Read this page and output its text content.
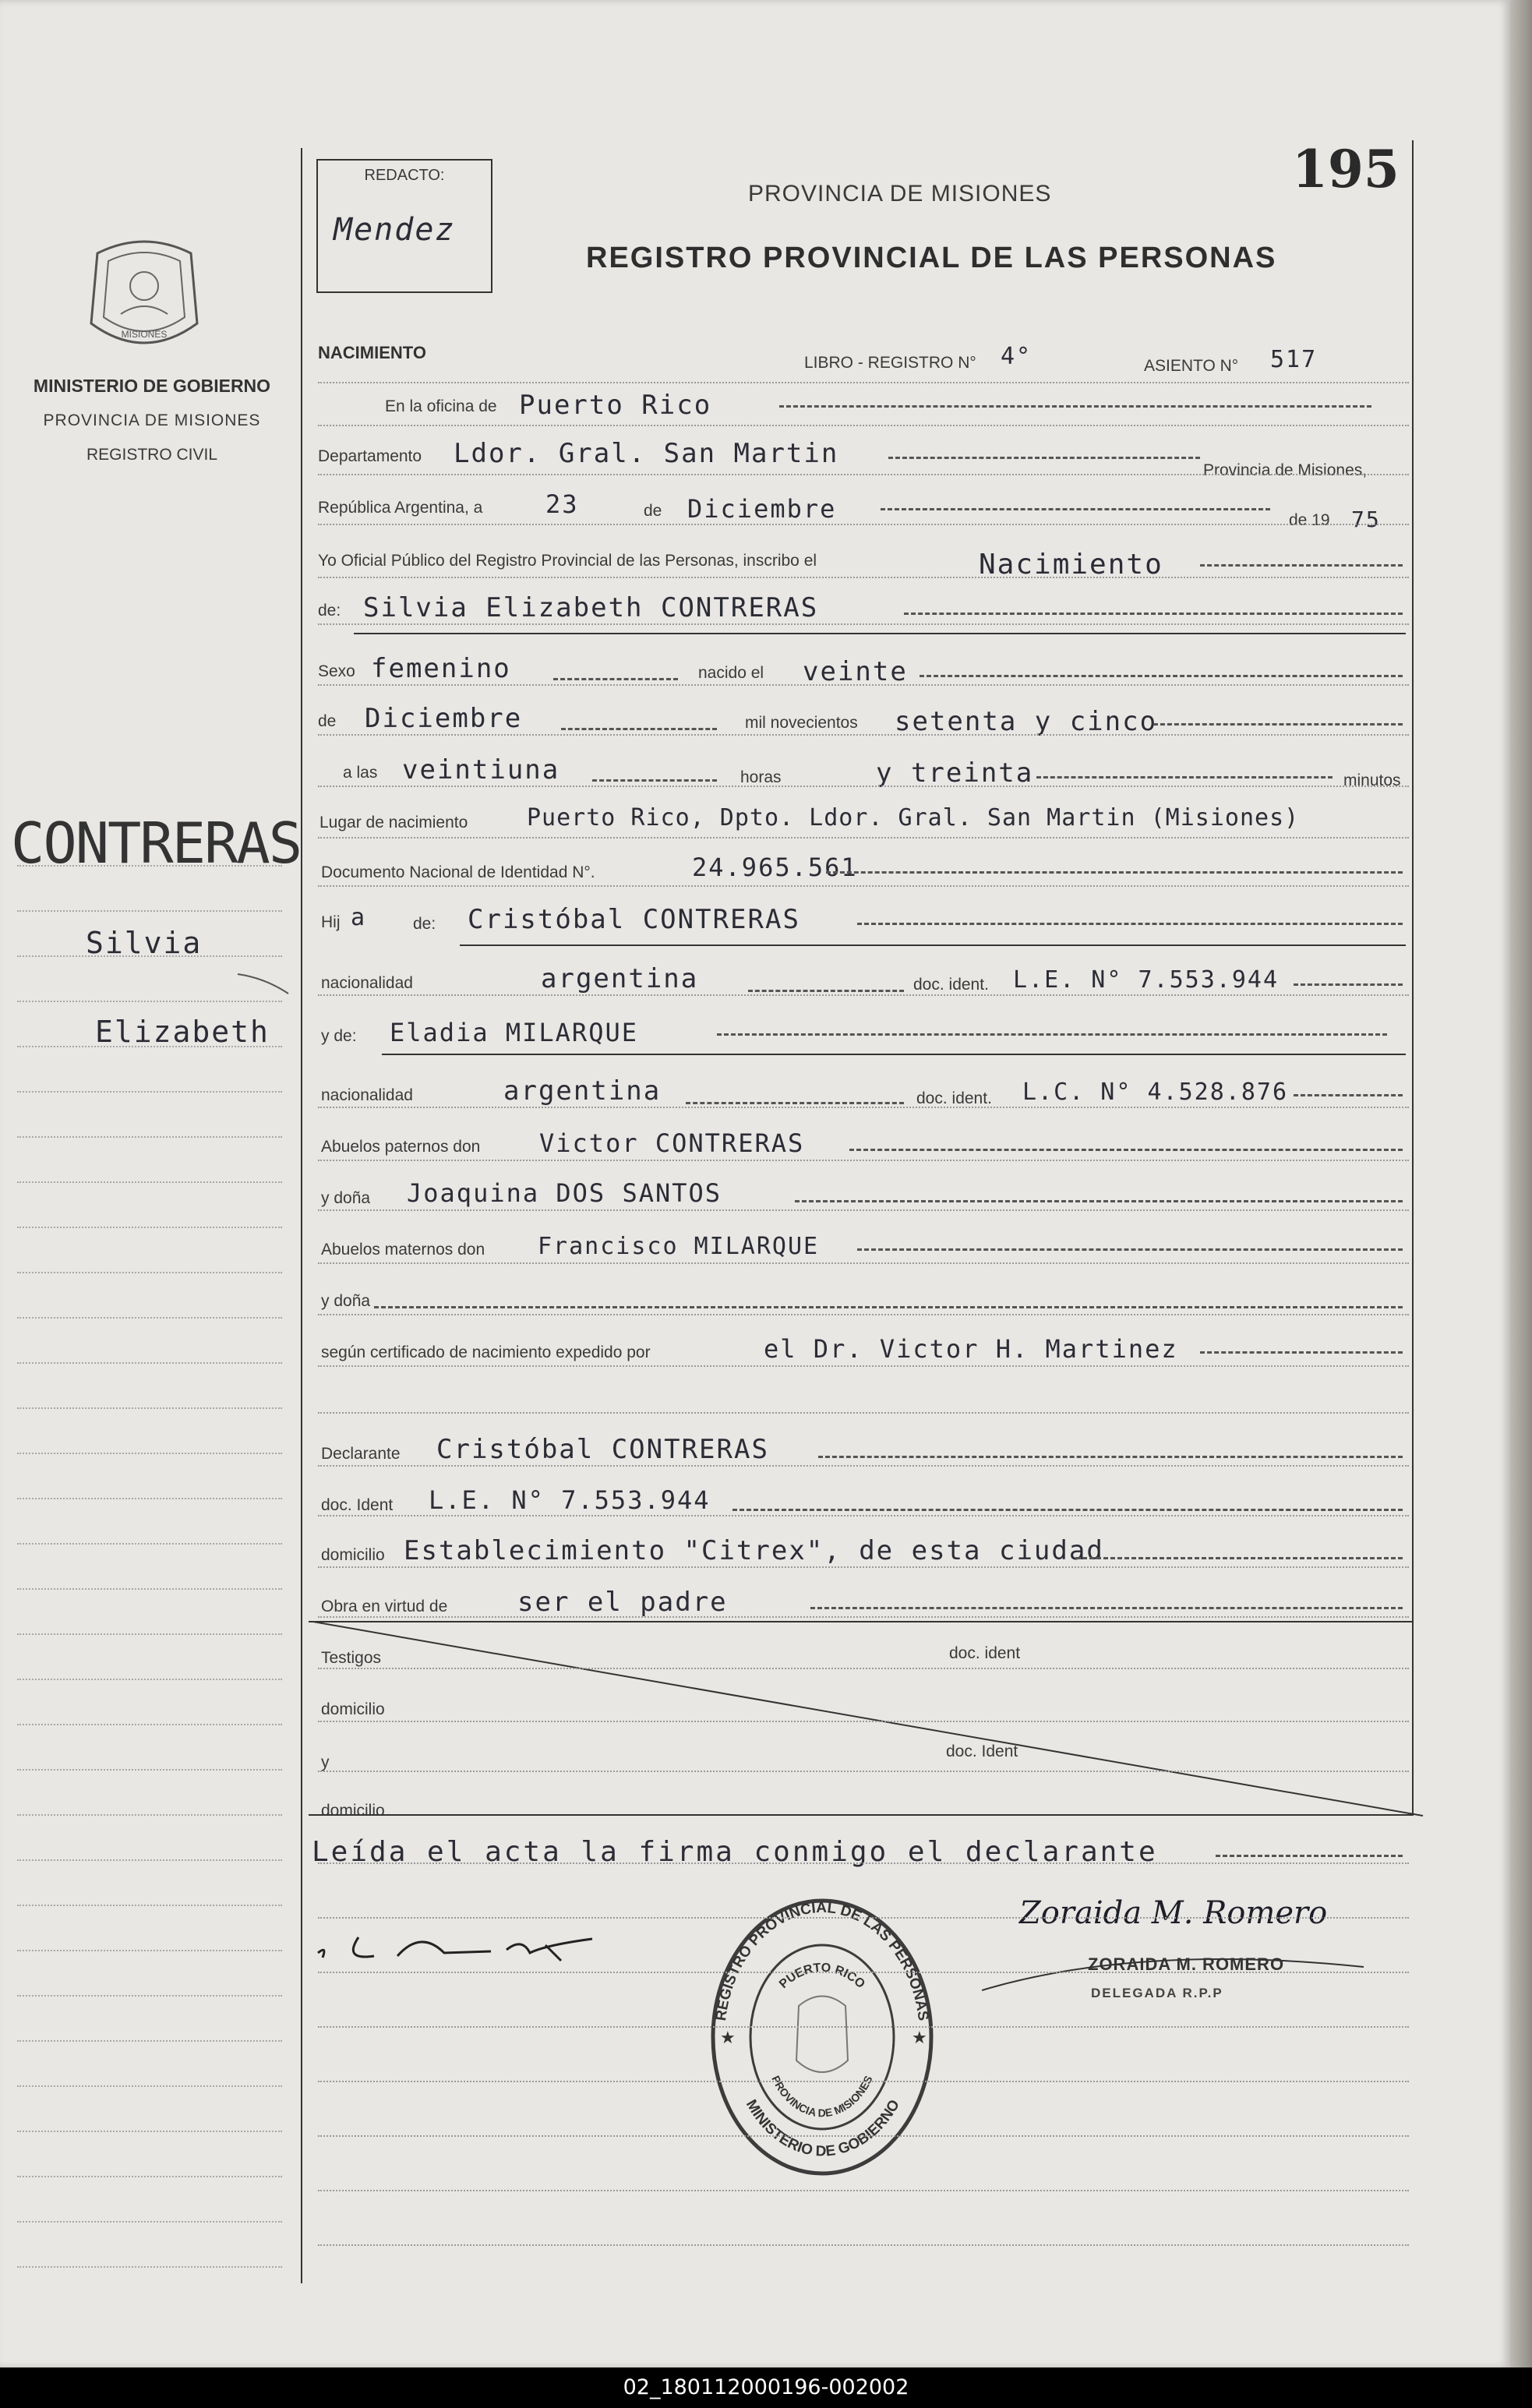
02_180112000196-002002
MISIONES
MINISTERIO DE GOBIERNO
PROVINCIA DE MISIONES
REGISTRO CIVIL
CONTRERAS
Silvia
Elizabeth
REDACTO:
Mendez
PROVINCIA DE MISIONES
REGISTRO PROVINCIAL DE LAS PERSONAS
195
NACIMIENTO
LIBRO - REGISTRO N° 4°	ASIENTO N° 517
En la oficina de Puerto Rico
Departamento Ldor. Gral. San Martin
Provincia de Misiones,
República Argentina, a	23	de Diciembre	de 19 75
Yo Oficial Público del Registro Provincial de las Personas, inscribo el	Nacimiento
de: Silvia Elizabeth CONTRERAS
Sexo femenino	nacido el veinte
de Diciembre	mil novecientos setenta y cinco
a las veintiuna	horas	y treinta	minutos
Lugar de nacimiento	Puerto Rico, Dpto. Ldor. Gral. San Martin (Misiones)
Documento Nacional de Identidad N°.	24.965.561
Hij a	de: Cristóbal CONTRERAS
nacionalidad	argentina	doc. ident. L.E. N° 7.553.944
y de: Eladia MILARQUE
nacionalidad	argentina	doc. ident. L.C. N° 4.528.876
Abuelos paternos don Victor CONTRERAS
y doña Joaquina DOS SANTOS
Abuelos maternos don Francisco MILARQUE
y doña
según certificado de nacimiento expedido por	el Dr. Victor H. Martinez
Declarante Cristóbal CONTRERAS
doc. Ident L.E. N° 7.553.944
domicilio Establecimiento "Citrex", de esta ciudad
Obra en virtud de	ser el padre
Testigos	doc. ident
domicilio
y
doc. Ident
domicilio
Leída el acta la firma conmigo el declarante
Zoraida M. Romero
ZORAIDA M. ROMERO
DELEGADA R.P.P
REGISTRO PROVINCIAL DE LAS PERSONAS
MINISTERIO DE GOBIERNO
PUERTO RICO
PROVINCIA DE MISIONES
★	★
